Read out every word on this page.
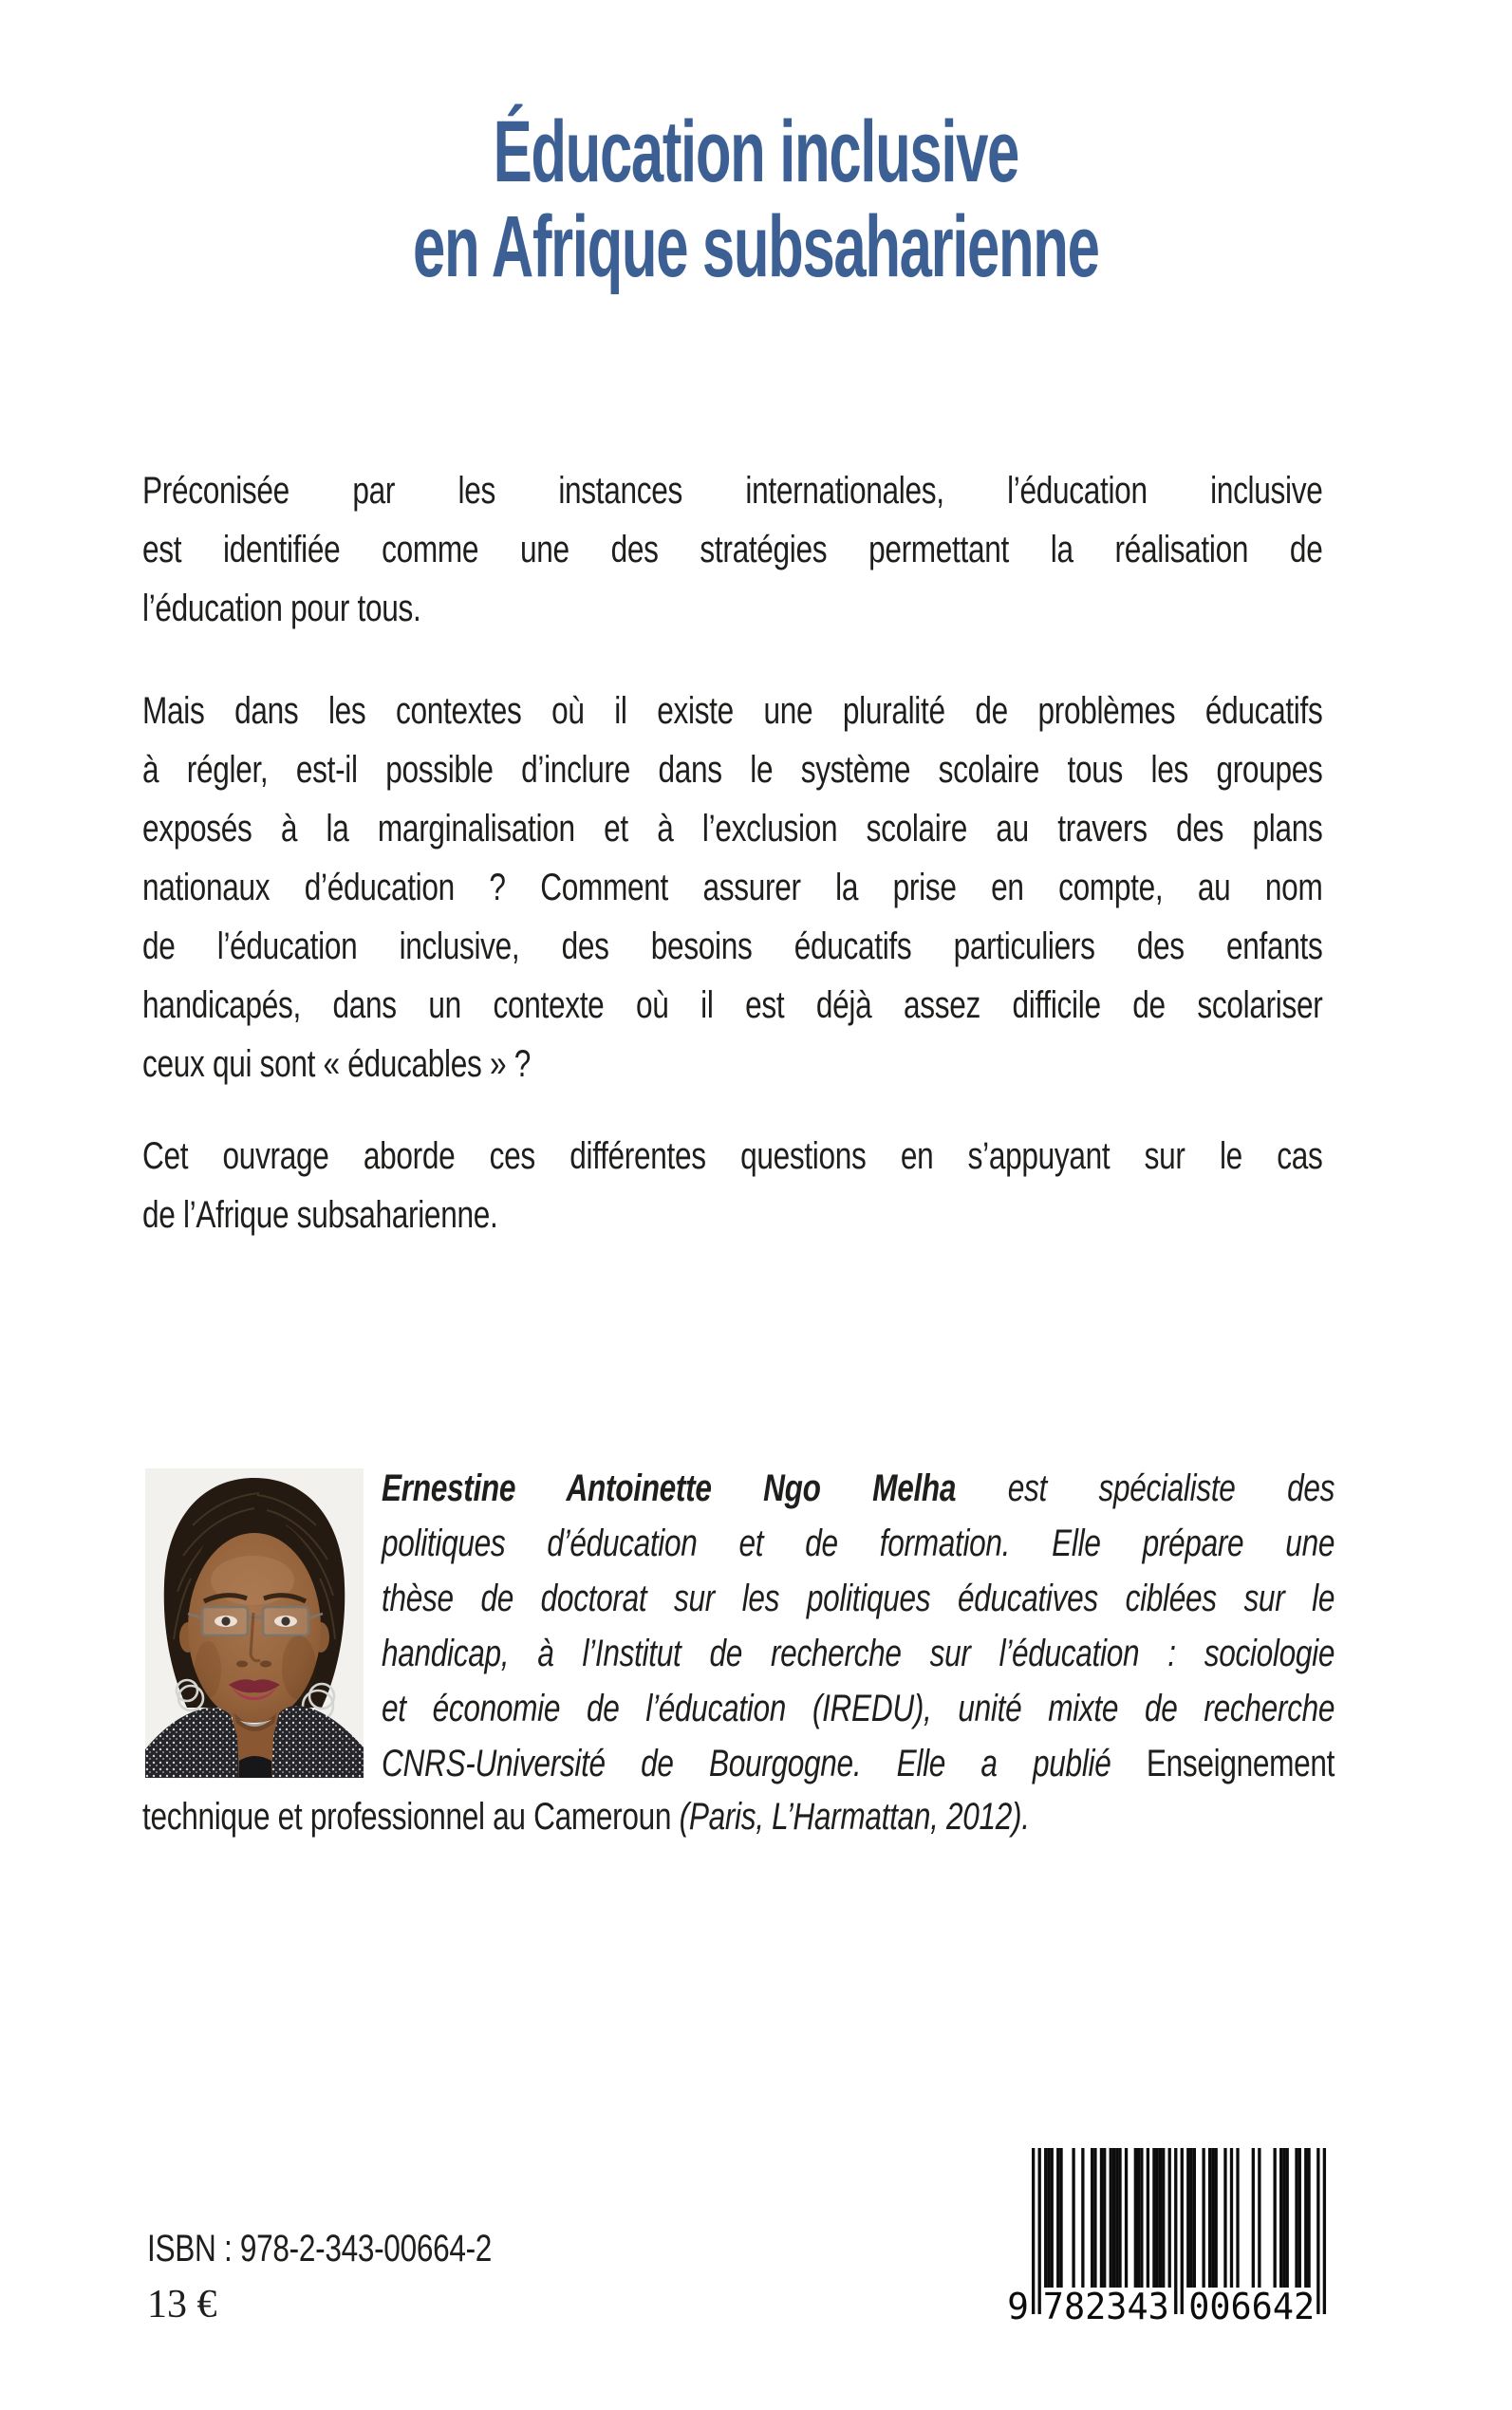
Éducation inclusive
en Afrique subsaharienne
Préconisée par les instances internationales, l’éducation inclusive
est identifiée comme une des stratégies permettant la réalisation de
l’éducation pour tous.
Mais dans les contextes où il existe une pluralité de problèmes éducatifs
à régler, est-il possible d’inclure dans le système scolaire tous les groupes
exposés à la marginalisation et à l’exclusion scolaire au travers des plans
nationaux d’éducation ? Comment assurer la prise en compte, au nom
de l’éducation inclusive, des besoins éducatifs particuliers des enfants
handicapés, dans un contexte où il est déjà assez difficile de scolariser
ceux qui sont « éducables » ?
Cet ouvrage aborde ces différentes questions en s’appuyant sur le cas
de l’Afrique subsaharienne.
Ernestine Antoinette Ngo Melha est spécialiste des
politiques d’éducation et de formation. Elle prépare une
thèse de doctorat sur les politiques éducatives ciblées sur le
handicap, à l’Institut de recherche sur l’éducation : sociologie
et économie de l’éducation (IREDU), unité mixte de recherche
CNRS-Université de Bourgogne. Elle a publié Enseignement
technique et professionnel au Cameroun (Paris, L’Harmattan, 2012).
ISBN : 978-2-343-00664-2
13 €	9 782343 006642
